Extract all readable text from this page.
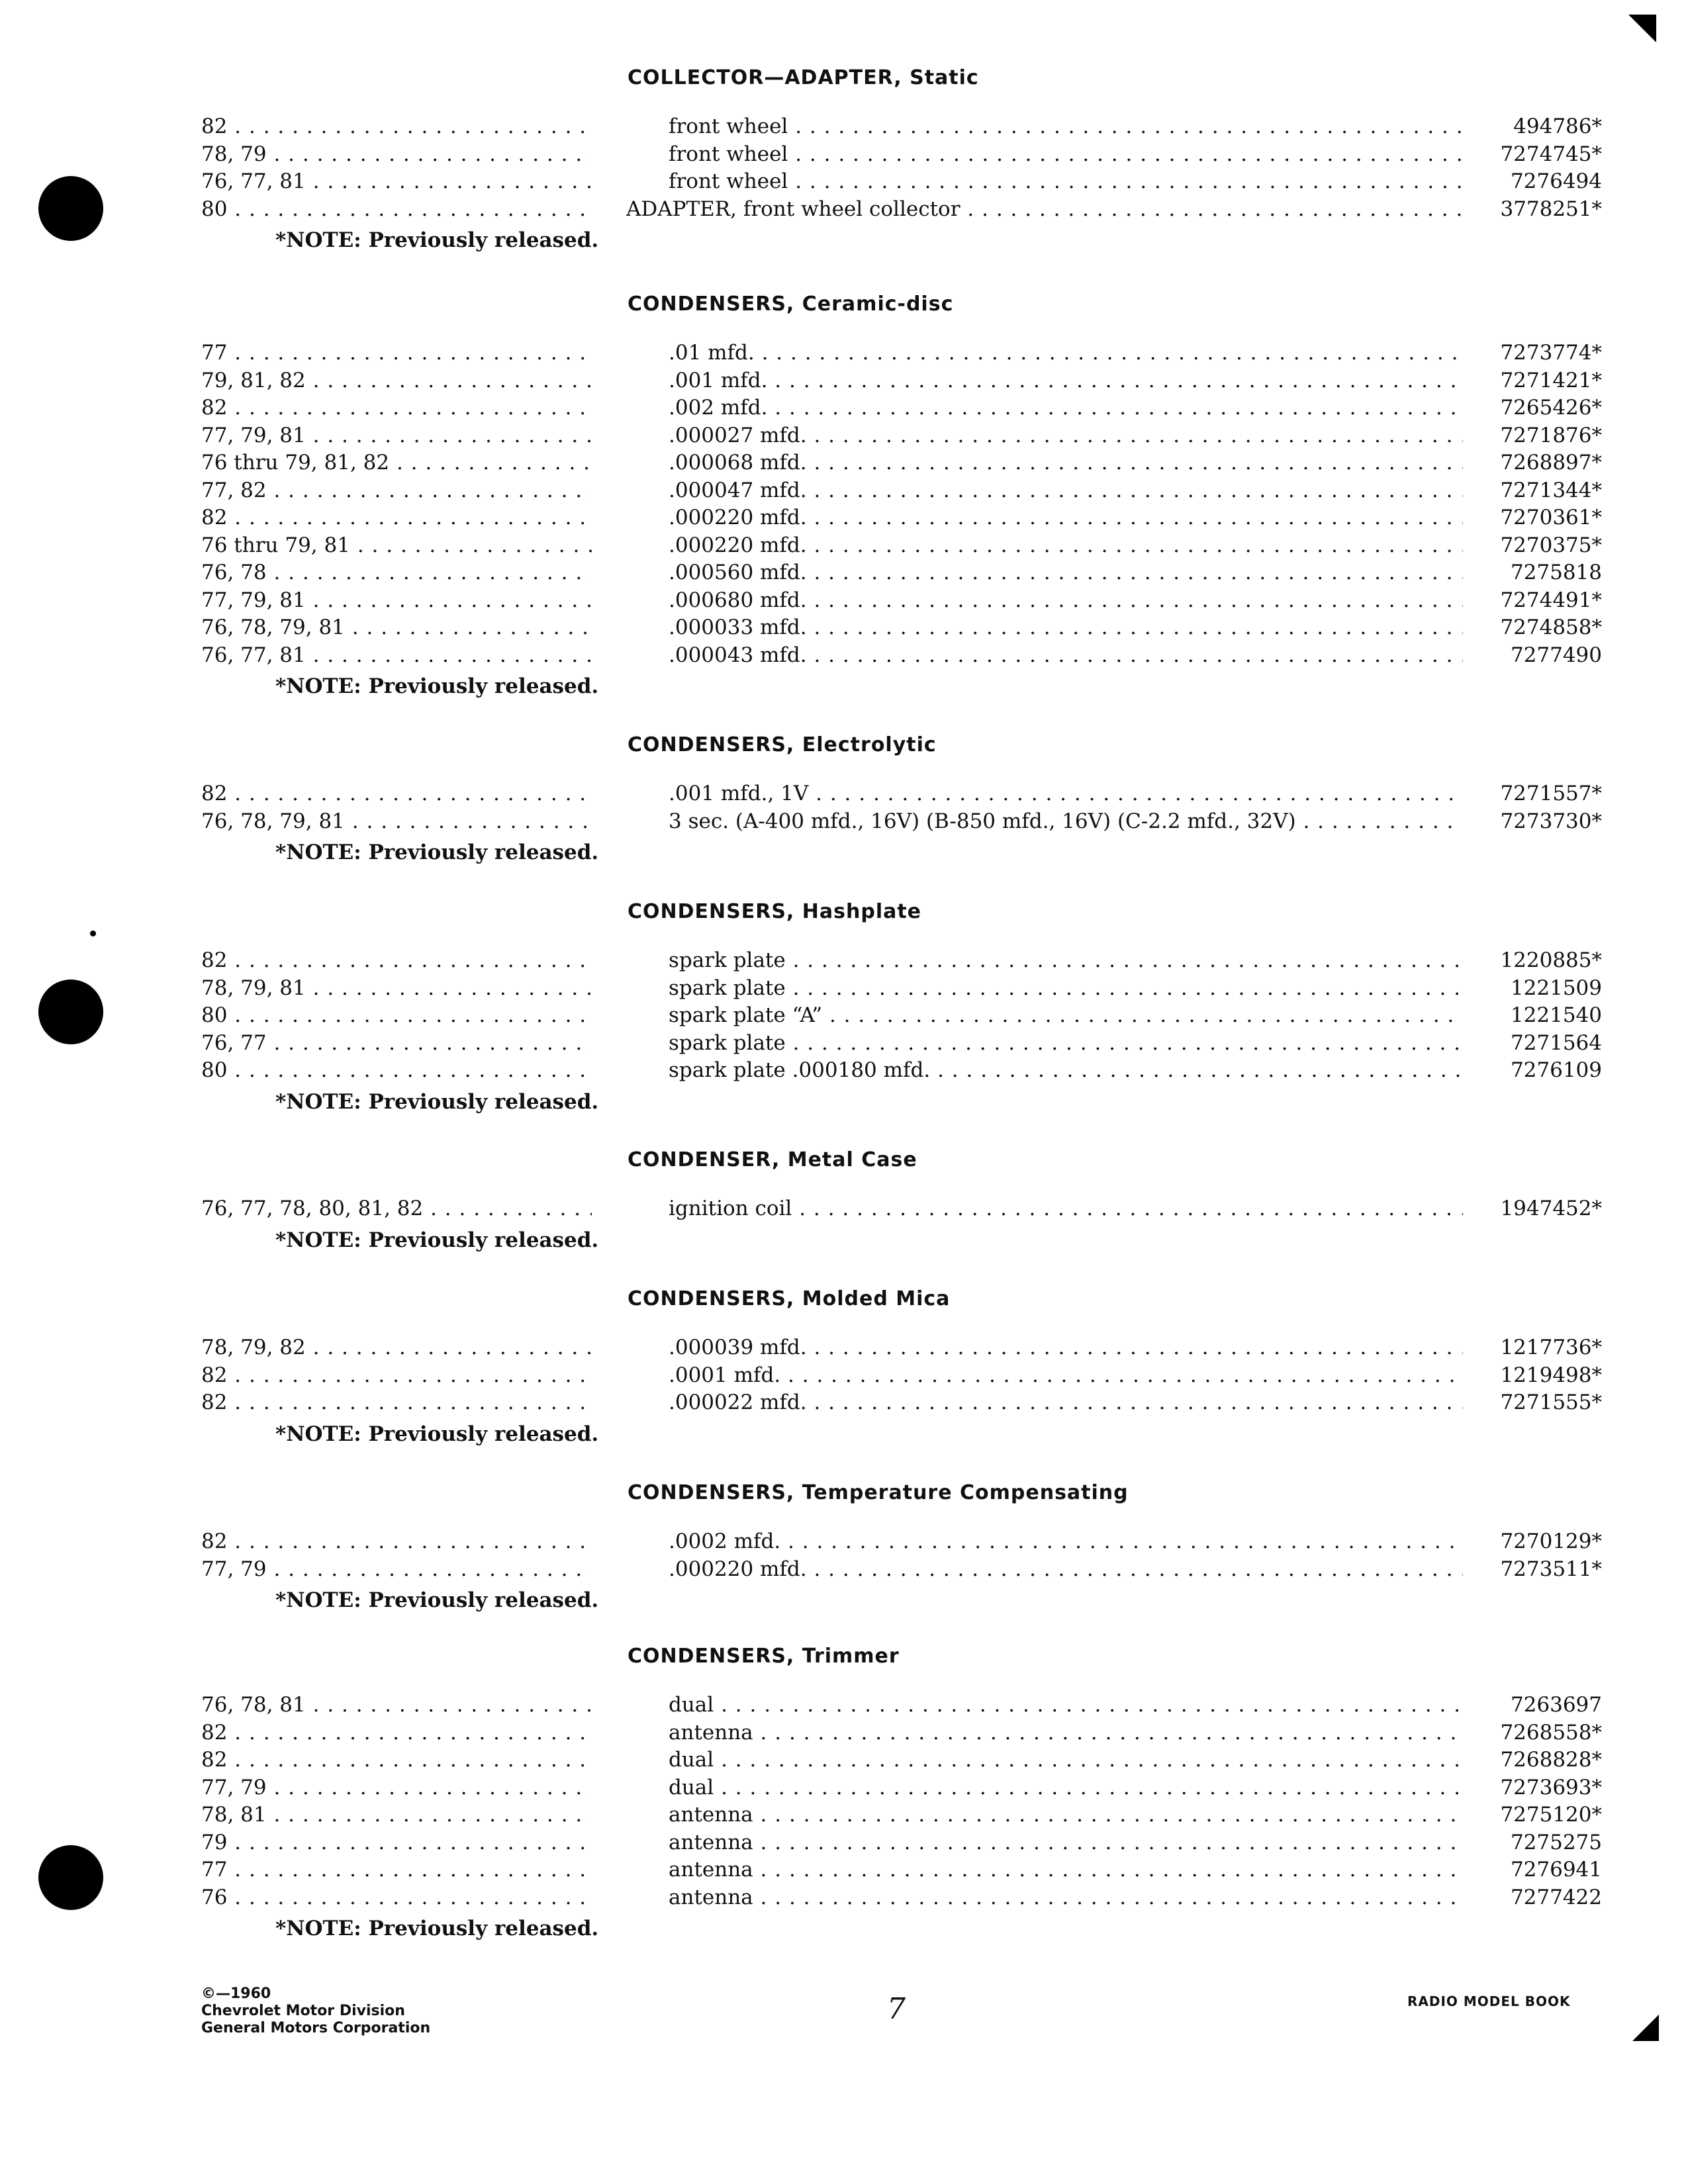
COLLECTOR—ADAPTER, Static
82 . . .	front wheel . . .	494786*
78, 79 . . .	front wheel . . .	7274745*
76, 77, 81 . . .	front wheel . . .	7276494
80 . . .	ADAPTER, front wheel collector . . .	3778251*
*NOTE: Previously released.
CONDENSERS, Ceramic-disc
77 . . .	.01 mfd. . . .	7273774*
79, 81, 82 . . .	.001 mfd. . . .	7271421*
82 . . .	.002 mfd. . . .	7265426*
77, 79, 81 . . .	.000027 mfd. . . .	7271876*
76 thru 79, 81, 82 . . .	.000068 mfd. . . .	7268897*
77, 82 . . .	.000047 mfd. . . .	7271344*
82 . . .	.000220 mfd. . . .	7270361*
76 thru 79, 81 . . .	.000220 mfd. . . .	7270375*
76, 78 . . .	.000560 mfd. . . .	7275818
77, 79, 81 . . .	.000680 mfd. . . .	7274491*
76, 78, 79, 81 . . .	.000033 mfd. . . .	7274858*
76, 77, 81 . . .	.000043 mfd. . . .	7277490
*NOTE: Previously released.
CONDENSERS, Electrolytic
82 . . .	.001 mfd., 1V . . .	7271557*
76, 78, 79, 81 . . .	3 sec. (A-400 mfd., 16V) (B-850 mfd., 16V) (C-2.2 mfd., 32V) . . .	7273730*
*NOTE: Previously released.
CONDENSERS, Hashplate
82 . . .	spark plate . . .	1220885*
78, 79, 81 . . .	spark plate . . .	1221509
80 . . .	spark plate “A” . . .	1221540
76, 77 . . .	spark plate . . .	7271564
80 . . .	spark plate .000180 mfd. . . .	7276109
*NOTE: Previously released.
CONDENSER, Metal Case
76, 77, 78, 80, 81, 82 . . .	ignition coil . . .	1947452*
*NOTE: Previously released.
CONDENSERS, Molded Mica
78, 79, 82 . . .	.000039 mfd. . . .	1217736*
82 . . .	.0001 mfd. . . .	1219498*
82 . . .	.000022 mfd. . . .	7271555*
*NOTE: Previously released.
CONDENSERS, Temperature Compensating
82 . . .	.0002 mfd. . . .	7270129*
77, 79 . . .	.000220 mfd. . . .	7273511*
*NOTE: Previously released.
CONDENSERS, Trimmer
76, 78, 81 . . .	dual . . .	7263697
82 . . .	antenna . . .	7268558*
82 . . .	dual . . .	7268828*
77, 79 . . .	dual . . .	7273693*
78, 81 . . .	antenna . . .	7275120*
79 . . .	antenna . . .	7275275
77 . . .	antenna . . .	7276941
76 . . .	antenna . . .	7277422
*NOTE: Previously released.
©—1960
Chevrolet Motor Division
General Motors Corporation
7	RADIO MODEL BOOK
